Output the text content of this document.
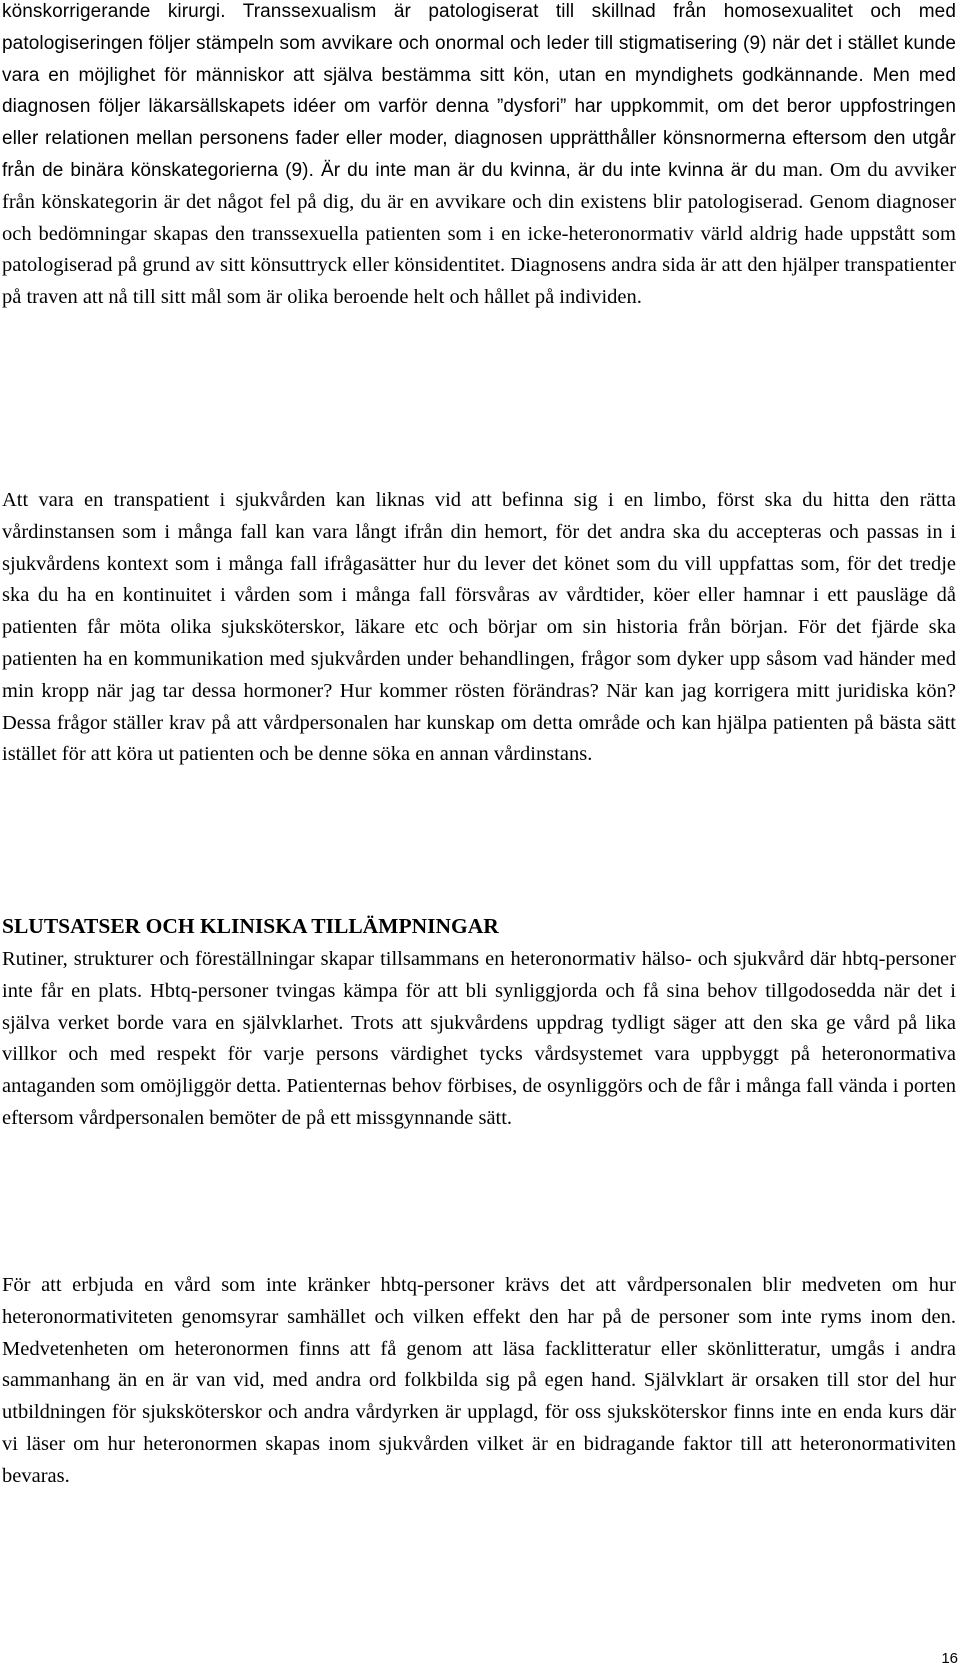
könskorrigerande kirurgi. Transsexualism är patologiserat till skillnad från homosexualitet och med patologiseringen följer stämpeln som avvikare och onormal och leder till stigmatisering (9) när det i stället kunde vara en möjlighet för människor att själva bestämma sitt kön, utan en myndighets godkännande. Men med diagnosen följer läkarsällskapets idéer om varför denna ”dysfori” har uppkommit, om det beror uppfostringen eller relationen mellan personens fader eller moder, diagnosen upprätthåller könsnormerna eftersom den utgår från de binära könskategorierna (9). Är du inte man är du kvinna, är du inte kvinna är du man. Om du avviker från könskategorin är det något fel på dig, du är en avvikare och din existens blir patologiserad. Genom diagnoser och bedömningar skapas den transsexuella patienten som i en icke-heteronormativ värld aldrig hade uppstått som patologiserad på grund av sitt könsuttryck eller könsidentitet. Diagnosens andra sida är att den hjälper transpatienter på traven att nå till sitt mål som är olika beroende helt och hållet på individen.

Att vara en transpatient i sjukvården kan liknas vid att befinna sig i en limbo, först ska du hitta den rätta vårdinstansen som i många fall kan vara långt ifrån din hemort, för det andra ska du accepteras och passas in i sjukvårdens kontext som i många fall ifrågasätter hur du lever det könet som du vill uppfattas som, för det tredje ska du ha en kontinuitet i vården som i många fall försvåras av vårdtider, köer eller hamnar i ett pausläge då patienten får möta olika sjuksköterskor, läkare etc och börjar om sin historia från början. För det fjärde ska patienten ha en kommunikation med sjukvården under behandlingen, frågor som dyker upp såsom vad händer med min kropp när jag tar dessa hormoner? Hur kommer rösten förändras? När kan jag korrigera mitt juridiska kön? Dessa frågor ställer krav på att vårdpersonalen har kunskap om detta område och kan hjälpa patienten på bästa sätt istället för att köra ut patienten och be denne söka en annan vårdinstans.

SLUTSATSER OCH KLINISKA TILLÄMPNINGAR

Rutiner, strukturer och föreställningar skapar tillsammans en heteronormativ hälso- och sjukvård där hbtq-personer inte får en plats. Hbtq-personer tvingas kämpa för att bli synliggjorda och få sina behov tillgodosedda när det i själva verket borde vara en självklarhet. Trots att sjukvårdens uppdrag tydligt säger att den ska ge vård på lika villkor och med respekt för varje persons värdighet tycks vårdsystemet vara uppbyggt på heteronormativa antaganden som omöjliggör detta. Patienternas behov förbises, de osynliggörs och de får i många fall vända i porten eftersom vårdpersonalen bemöter de på ett missgynnande sätt.

För att erbjuda en vård som inte kränker hbtq-personer krävs det att vårdpersonalen blir medveten om hur heteronormativiteten genomsyrar samhället och vilken effekt den har på de personer som inte ryms inom den. Medvetenheten om heteronormen finns att få genom att läsa facklitteratur eller skönlitteratur, umgås i andra sammanhang än en är van vid, med andra ord folkbilda sig på egen hand. Självklart är orsaken till stor del hur utbildningen för sjuksköterskor och andra vårdyrken är upplagd, för oss sjuksköterskor finns inte en enda kurs där vi läser om hur heteronormen skapas inom sjukvården vilket är en bidragande faktor till att heteronormativiten bevaras.

16
